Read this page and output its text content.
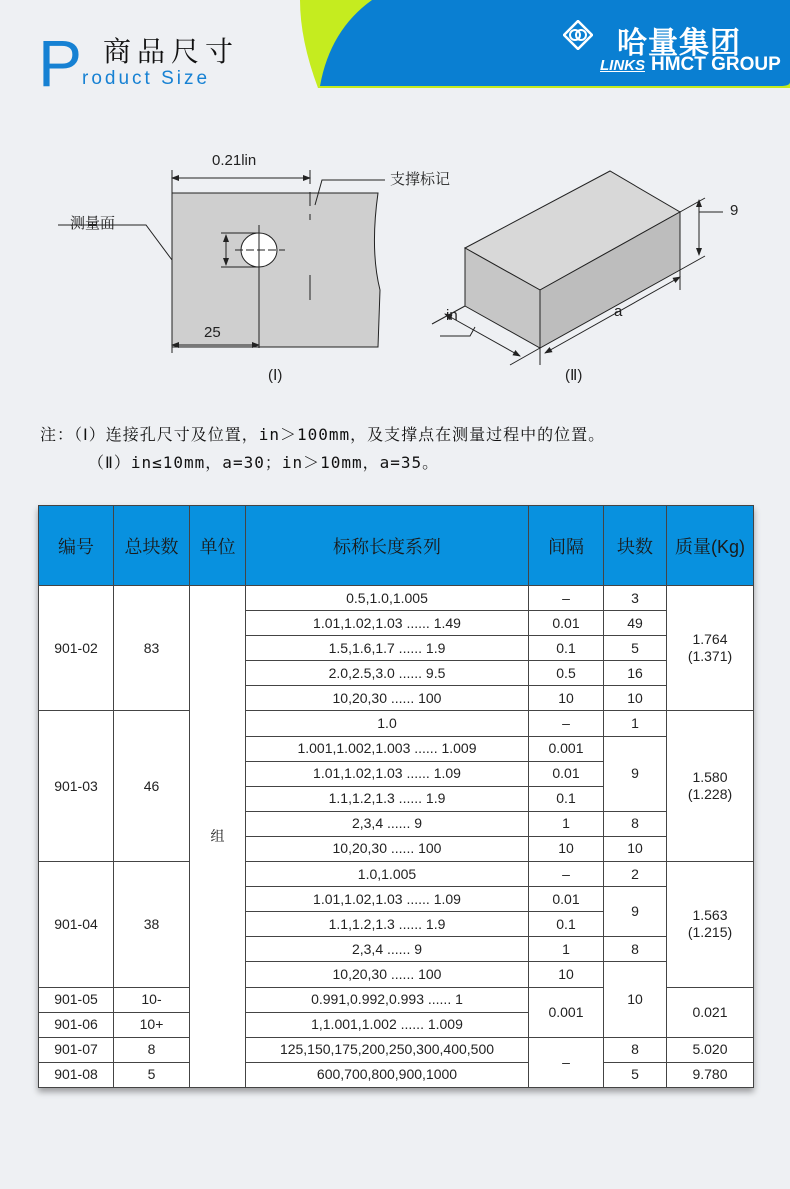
P 商品尺寸
roduct Size
哈量集团
LINKS HMCT GROUP
0.21lin
支撑标记
测量面
25
(Ⅰ)
9
in	a
(Ⅱ)
注：（Ⅰ）连接孔尺寸及位置，in＞100mm，及支撑点在测量过程中的位置。
（Ⅱ）in≤10mm，a=30；in＞10mm，a=35。
编号	总块数	单位	标称长度系列	间隔	块数	质量(Kg)
901-02	83	组	0.5,1.0,1.005	–	3	1.764
(1.371)
			1.01,1.02,1.03 ...... 1.49	0.01	49	
			1.5,1.6,1.7 ...... 1.9	0.1	5	
			2.0,2.5,3.0 ...... 9.5	0.5	16	
			10,20,30 ...... 100	10	10	
901-03	46		1.0	–	1	1.580
(1.228)
			1.001,1.002,1.003 ...... 1.009	0.001	9	
			1.01,1.02,1.03 ...... 1.09	0.01		
			1.1,1.2,1.3 ...... 1.9	0.1		
			2,3,4 ...... 9	1	8	
			10,20,30 ...... 100	10	10	
901-04	38		1.0,1.005	–	2	1.563
(1.215)
			1.01,1.02,1.03 ...... 1.09	0.01	9	
			1.1,1.2,1.3 ...... 1.9	0.1		
			2,3,4 ...... 9	1	8	
			10,20,30 ...... 100	10	10	
901-05	10-		0.991,0.992,0.993 ...... 1	0.001		0.021
901-06	10+		1,1.001,1.002 ...... 1.009			
901-07	8		125,150,175,200,250,300,400,500	–	8	5.020
901-08	5		600,700,800,900,1000		5	9.780
